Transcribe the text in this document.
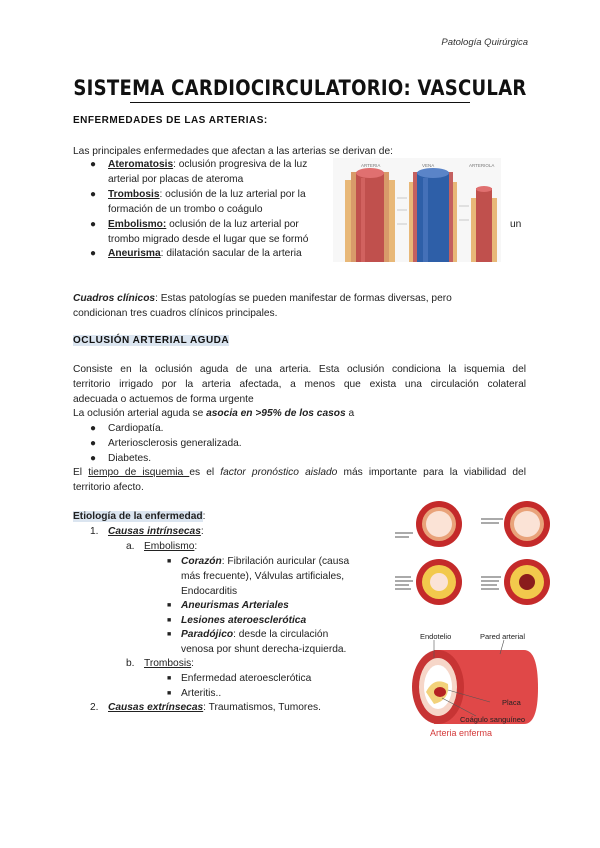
Patología Quirúrgica
SISTEMA CARDIOCIRCULATORIO: VASCULAR
ENFERMEDADES DE LAS ARTERIAS:
Las principales enfermedades que afectan a las arterias se derivan de:
● Ateromatosis: oclusión progresiva de la luz
arterial por placas de ateroma
● Trombosis: oclusión de la luz arterial por la
formación de un trombo o coágulo
● Embolismo: oclusión de la luz arterial por
trombo migrado desde el lugar que se formó
un
● Aneurisma: dilatación sacular de la arteria
ARTERIA	VENA	ARTERIOLA
Cuadros clínicos: Estas patologías se pueden manifestar de formas diversas, pero
condicionan tres cuadros clínicos principales.
OCLUSIÓN ARTERIAL AGUDA
Consiste en la oclusión aguda de una arteria. Esta oclusión condiciona la isquemia del
territorio irrigado por la arteria afectada, a menos que exista una circulación colateral
adecuada o actuemos de forma urgente
La oclusión arterial aguda se asocia en >95% de los casos a
● Cardiopatía.
● Arteriosclerosis generalizada.
● Diabetes.
El tiempo de isquemia es el factor pronóstico aislado más importante para la viabilidad del
territorio afecto.
Etiología de la enfermedad:
1. Causas intrínsecas:
a. Embolismo:
■ Corazón: Fibrilación auricular (causa
más frecuente), Válvulas artificiales,
Endocarditis
■ Aneurismas Arteriales
■ Lesiones ateroesclerótica
■ Paradójico: desde la circulación
venosa por shunt derecha-izquierda.
b. Trombosis:
■ Enfermedad ateroesclerótica
■ Arteritis..
2. Causas extrínsecas: Traumatismos, Tumores.
Endotelio	Pared arterial
Placa
Coágulo sanguíneo
Arteria enferma
